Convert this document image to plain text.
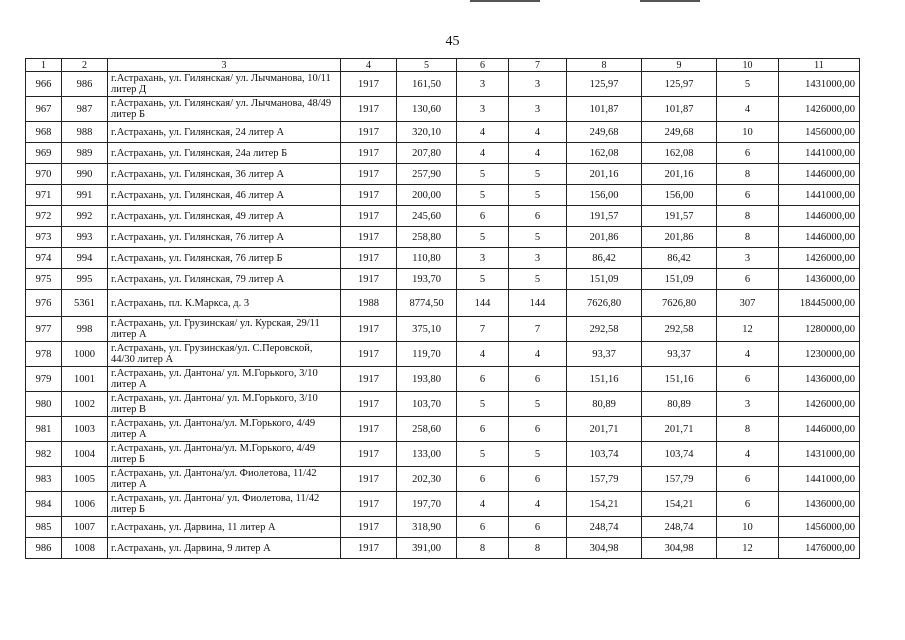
45
1	2	3	4	5	6	7	8	9	10	11
966	986	г.Астрахань, ул. Гилянская/ ул. Лычманова, 10/11 литер Д	1917	161,50	3	3	125,97	125,97	5	1431000,00
967	987	г.Астрахань, ул. Гилянская/ ул. Лычманова, 48/49 литер Б	1917	130,60	3	3	101,87	101,87	4	1426000,00
968	988	г.Астрахань, ул. Гилянская, 24 литер А	1917	320,10	4	4	249,68	249,68	10	1456000,00
969	989	г.Астрахань, ул. Гилянская, 24а литер Б	1917	207,80	4	4	162,08	162,08	6	1441000,00
970	990	г.Астрахань, ул. Гилянская, 36 литер А	1917	257,90	5	5	201,16	201,16	8	1446000,00
971	991	г.Астрахань, ул. Гилянская, 46 литер А	1917	200,00	5	5	156,00	156,00	6	1441000,00
972	992	г.Астрахань, ул. Гилянская, 49 литер А	1917	245,60	6	6	191,57	191,57	8	1446000,00
973	993	г.Астрахань, ул. Гилянская, 76 литер А	1917	258,80	5	5	201,86	201,86	8	1446000,00
974	994	г.Астрахань, ул. Гилянская, 76 литер Б	1917	110,80	3	3	86,42	86,42	3	1426000,00
975	995	г.Астрахань, ул. Гилянская, 79 литер А	1917	193,70	5	5	151,09	151,09	6	1436000,00
976	5361	г.Астрахань, пл. К.Маркса, д. 3	1988	8774,50	144	144	7626,80	7626,80	307	18445000,00
977	998	г.Астрахань, ул. Грузинская/ ул. Курская, 29/11 литер А	1917	375,10	7	7	292,58	292,58	12	1280000,00
978	1000	г.Астрахань, ул. Грузинская/ул. С.Перовской, 44/30 литер А	1917	119,70	4	4	93,37	93,37	4	1230000,00
979	1001	г.Астрахань, ул. Дантона/ ул. М.Горького, 3/10 литер А	1917	193,80	6	6	151,16	151,16	6	1436000,00
980	1002	г.Астрахань, ул. Дантона/ ул. М.Горького, 3/10 литер В	1917	103,70	5	5	80,89	80,89	3	1426000,00
981	1003	г.Астрахань, ул. Дантона/ул. М.Горького, 4/49 литер А	1917	258,60	6	6	201,71	201,71	8	1446000,00
982	1004	г.Астрахань, ул. Дантона/ул. М.Горького, 4/49 литер Б	1917	133,00	5	5	103,74	103,74	4	1431000,00
983	1005	г.Астрахань, ул. Дантона/ул. Фиолетова, 11/42 литер А	1917	202,30	6	6	157,79	157,79	6	1441000,00
984	1006	г.Астрахань, ул. Дантона/ ул. Фиолетова, 11/42 литер Б	1917	197,70	4	4	154,21	154,21	6	1436000,00
985	1007	г.Астрахань, ул. Дарвина, 11 литер А	1917	318,90	6	6	248,74	248,74	10	1456000,00
986	1008	г.Астрахань, ул. Дарвина, 9 литер А	1917	391,00	8	8	304,98	304,98	12	1476000,00
